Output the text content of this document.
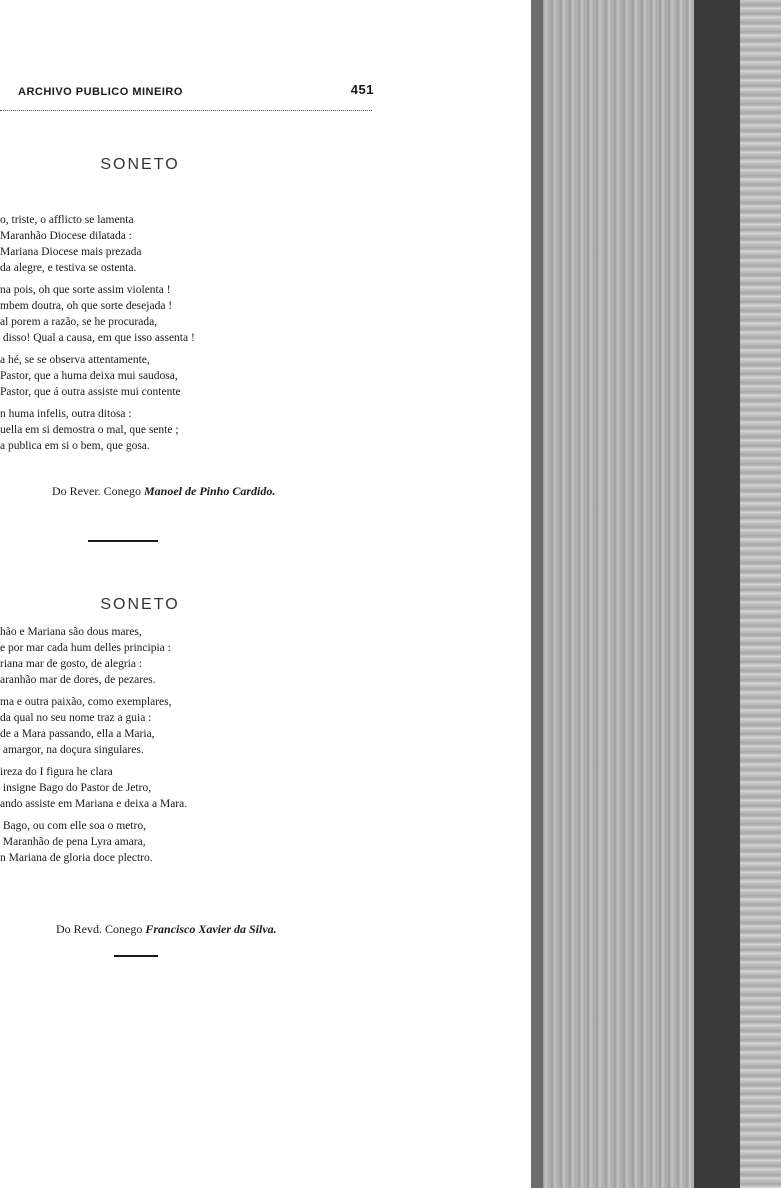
ARCHIVO PUBLICO MINEIRO	451
SONETO
o, triste, o afflicto se lamenta
Maranhão Diocese dilatada :
Mariana Diocese mais prezada
da alegre, e testiva se ostenta.
na pois, oh que sorte assim violenta !
mbem doutra, oh que sorte desejada !
al porem a razão, se he procurada,
disso! Qual a causa, em que isso assenta !
a hé, se se observa attentamente,
Pastor, que a huma deixa mui saudosa,
Pastor, que á outra assiste mui contente
n huma infelis, outra ditosa :
uella em si demostra o mal, que sente ;
a publica em si o bem, que gosa.
Do Rever. Conego Manoel de Pinho Cardido.
SONETO
hão e Mariana são dous mares,
e por mar cada hum delles principia :
riana mar de gosto, de alegria :
aranhão mar de dores, de pezares.
ma e outra paixão, como exemplares,
da qual no seu nome traz a guia :
de a Mara passando, ella a Maria,
amargor, na doçura singulares.
ireza do I figura he clara
insigne Bago do Pastor de Jetro,
ando assiste em Mariana e deixa a Mara.
Bago, ou com elle soa o metro,
Maranhão de pena Lyra amara,
n Mariana de gloria doce plectro.
Do Revd. Conego Francisco Xavier da Silva.
